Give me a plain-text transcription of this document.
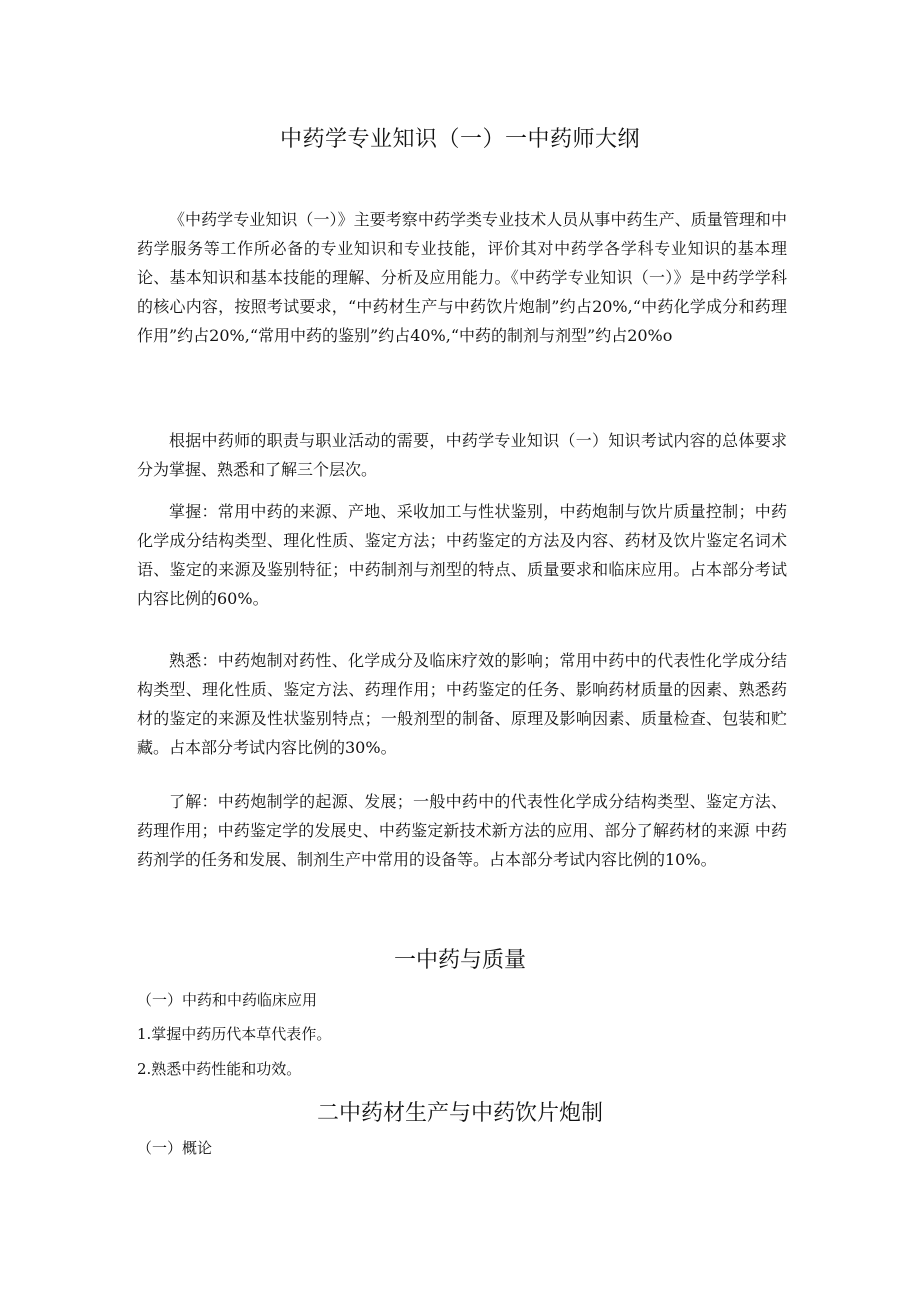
中药学专业知识（一）一中药师大纲

《中药学专业知识（一）》主要考察中药学类专业技术人员从事中药生产、质量管理和中药学服务等工作所必备的专业知识和专业技能，评价其对中药学各学科专业知识的基本理论、基本知识和基本技能的理解、分析及应用能力。《中药学专业知识（一）》是中药学学科的核心内容，按照考试要求，“中药材生产与中药饮片炮制”约占20%,“中药化学成分和药理作用”约占20%,“常用中药的鉴别”约占40%,“中药的制剂与剂型”约占20%o

根据中药师的职责与职业活动的需要，中药学专业知识（一）知识考试内容的总体要求分为掌握、熟悉和了解三个层次。

掌握：常用中药的来源、产地、采收加工与性状鉴别，中药炮制与饮片质量控制；中药化学成分结构类型、理化性质、鉴定方法；中药鉴定的方法及内容、药材及饮片鉴定名词术语、鉴定的来源及鉴别特征；中药制剂与剂型的特点、质量要求和临床应用。占本部分考试内容比例的60%。

熟悉：中药炮制对药性、化学成分及临床疗效的影响；常用中药中的代表性化学成分结构类型、理化性质、鉴定方法、药理作用；中药鉴定的任务、影响药材质量的因素、熟悉药材的鉴定的来源及性状鉴别特点；一般剂型的制备、原理及影响因素、质量检查、包装和贮藏。占本部分考试内容比例的30%。

了解：中药炮制学的起源、发展；一般中药中的代表性化学成分结构类型、鉴定方法、药理作用；中药鉴定学的发展史、中药鉴定新技术新方法的应用、部分了解药材的来源 中药药剂学的任务和发展、制剂生产中常用的设备等。占本部分考试内容比例的10%。

一中药与质量

（一）中药和中药临床应用

1.掌握中药历代本草代表作。

2.熟悉中药性能和功效。

二中药材生产与中药饮片炮制

（一）概论
